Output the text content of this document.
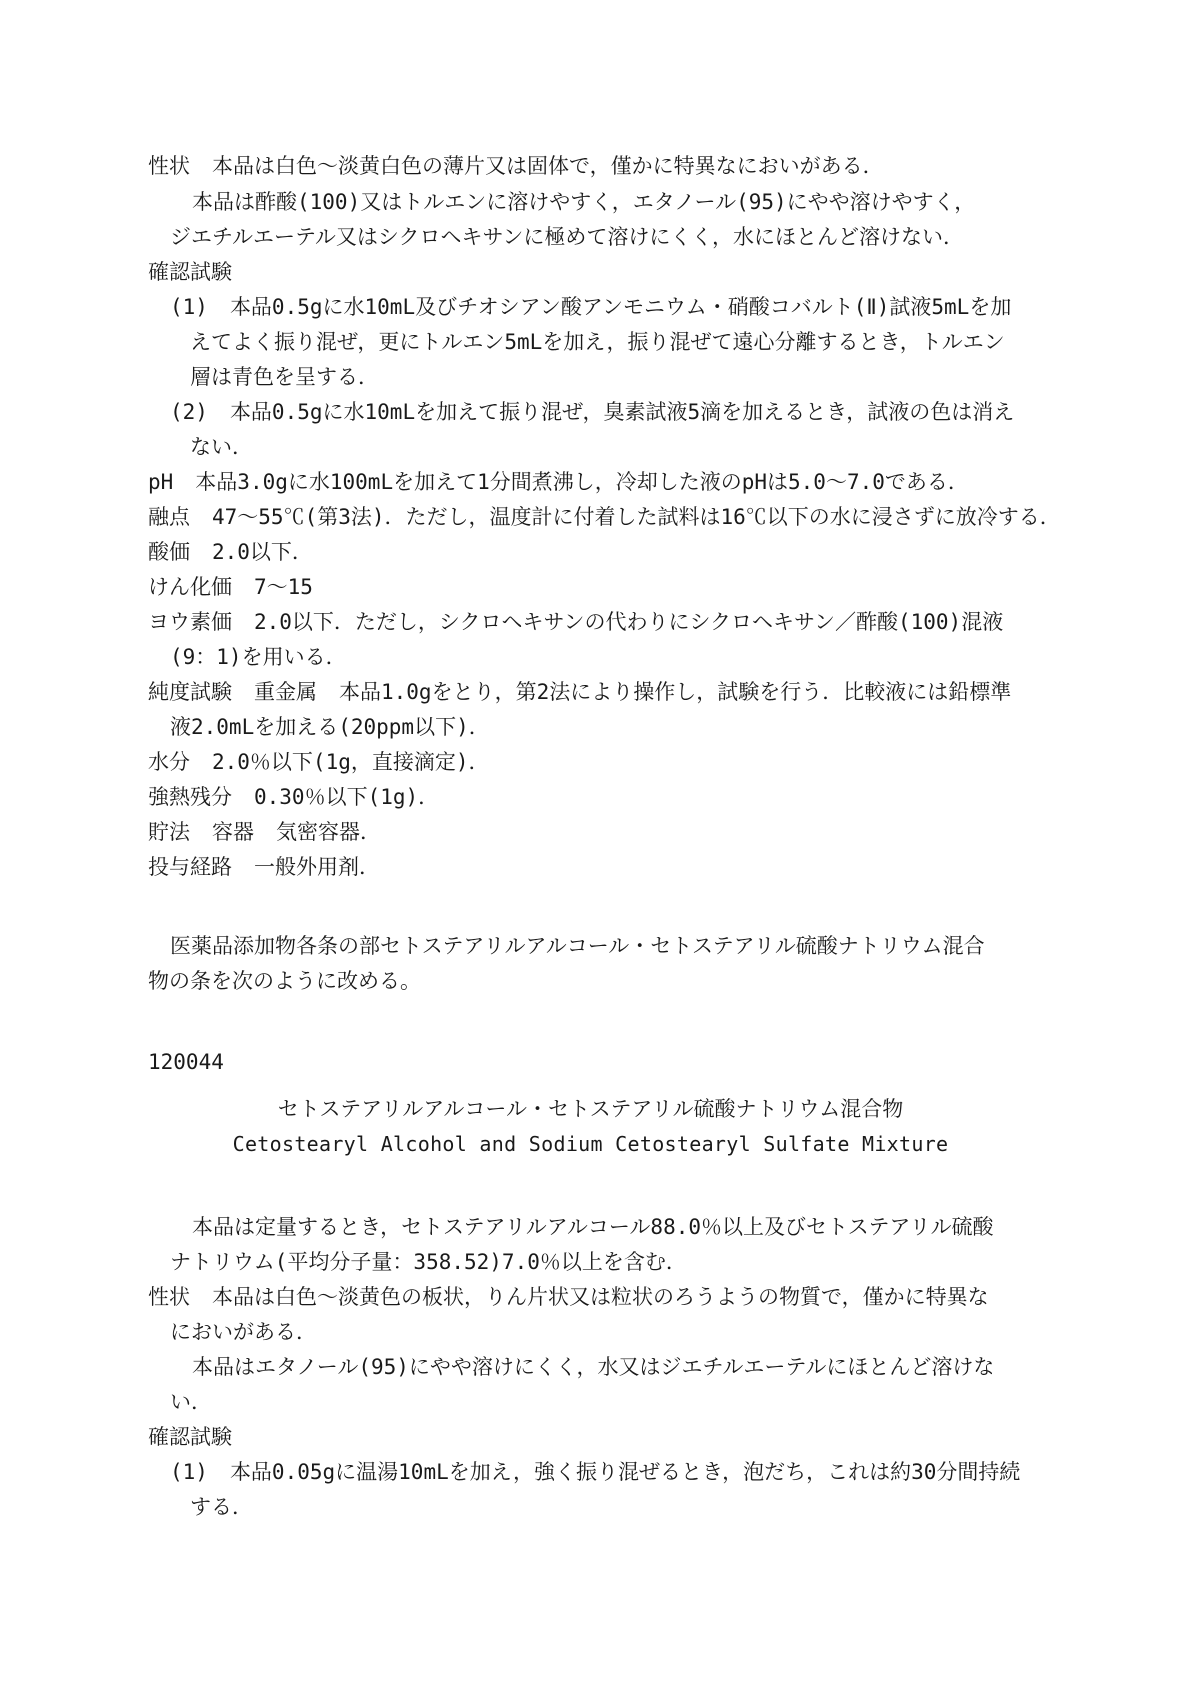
性状 本品は白色～淡黄白色の薄片又は固体で，僅かに特異なにおいがある．
本品は酢酸(100)又はトルエンに溶けやすく，エタノール(95)にやや溶けやすく，
ジエチルエーテル又はシクロヘキサンに極めて溶けにくく，水にほとんど溶けない．
確認試験
(1) 本品0.5gに水10mL及びチオシアン酸アンモニウム・硝酸コバルト(Ⅱ)試液5mLを加
えてよく振り混ぜ，更にトルエン5mLを加え，振り混ぜて遠心分離するとき，トルエン
層は青色を呈する．
(2) 本品0.5gに水10mLを加えて振り混ぜ，臭素試液5滴を加えるとき，試液の色は消え
ない．
pH 本品3.0gに水100mLを加えて1分間煮沸し，冷却した液のpHは5.0～7.0である．
融点 47～55℃(第3法)．ただし，温度計に付着した試料は16℃以下の水に浸さずに放冷する．
酸価 2.0以下．
けん化価 7～15
ヨウ素価 2.0以下．ただし，シクロヘキサンの代わりにシクロヘキサン／酢酸(100)混液
(9：1)を用いる．
純度試験 重金属 本品1.0gをとり，第2法により操作し，試験を行う．比較液には鉛標準
液2.0mLを加える(20ppm以下)．
水分 2.0％以下(1g，直接滴定)．
強熱残分 0.30％以下(1g)．
貯法 容器 気密容器．
投与経路 一般外用剤．
医薬品添加物各条の部セトステアリルアルコール・セトステアリル硫酸ナトリウム混合
物の条を次のように改める。
120044
セトステアリルアルコール・セトステアリル硫酸ナトリウム混合物
Cetostearyl Alcohol and Sodium Cetostearyl Sulfate Mixture
本品は定量するとき，セトステアリルアルコール88.0％以上及びセトステアリル硫酸
ナトリウム(平均分子量：358.52)7.0％以上を含む．
性状 本品は白色～淡黄色の板状，りん片状又は粒状のろうようの物質で，僅かに特異な
においがある．
本品はエタノール(95)にやや溶けにくく，水又はジエチルエーテルにほとんど溶けな
い．
確認試験
(1) 本品0.05gに温湯10mLを加え，強く振り混ぜるとき，泡だち，これは約30分間持続
する．
